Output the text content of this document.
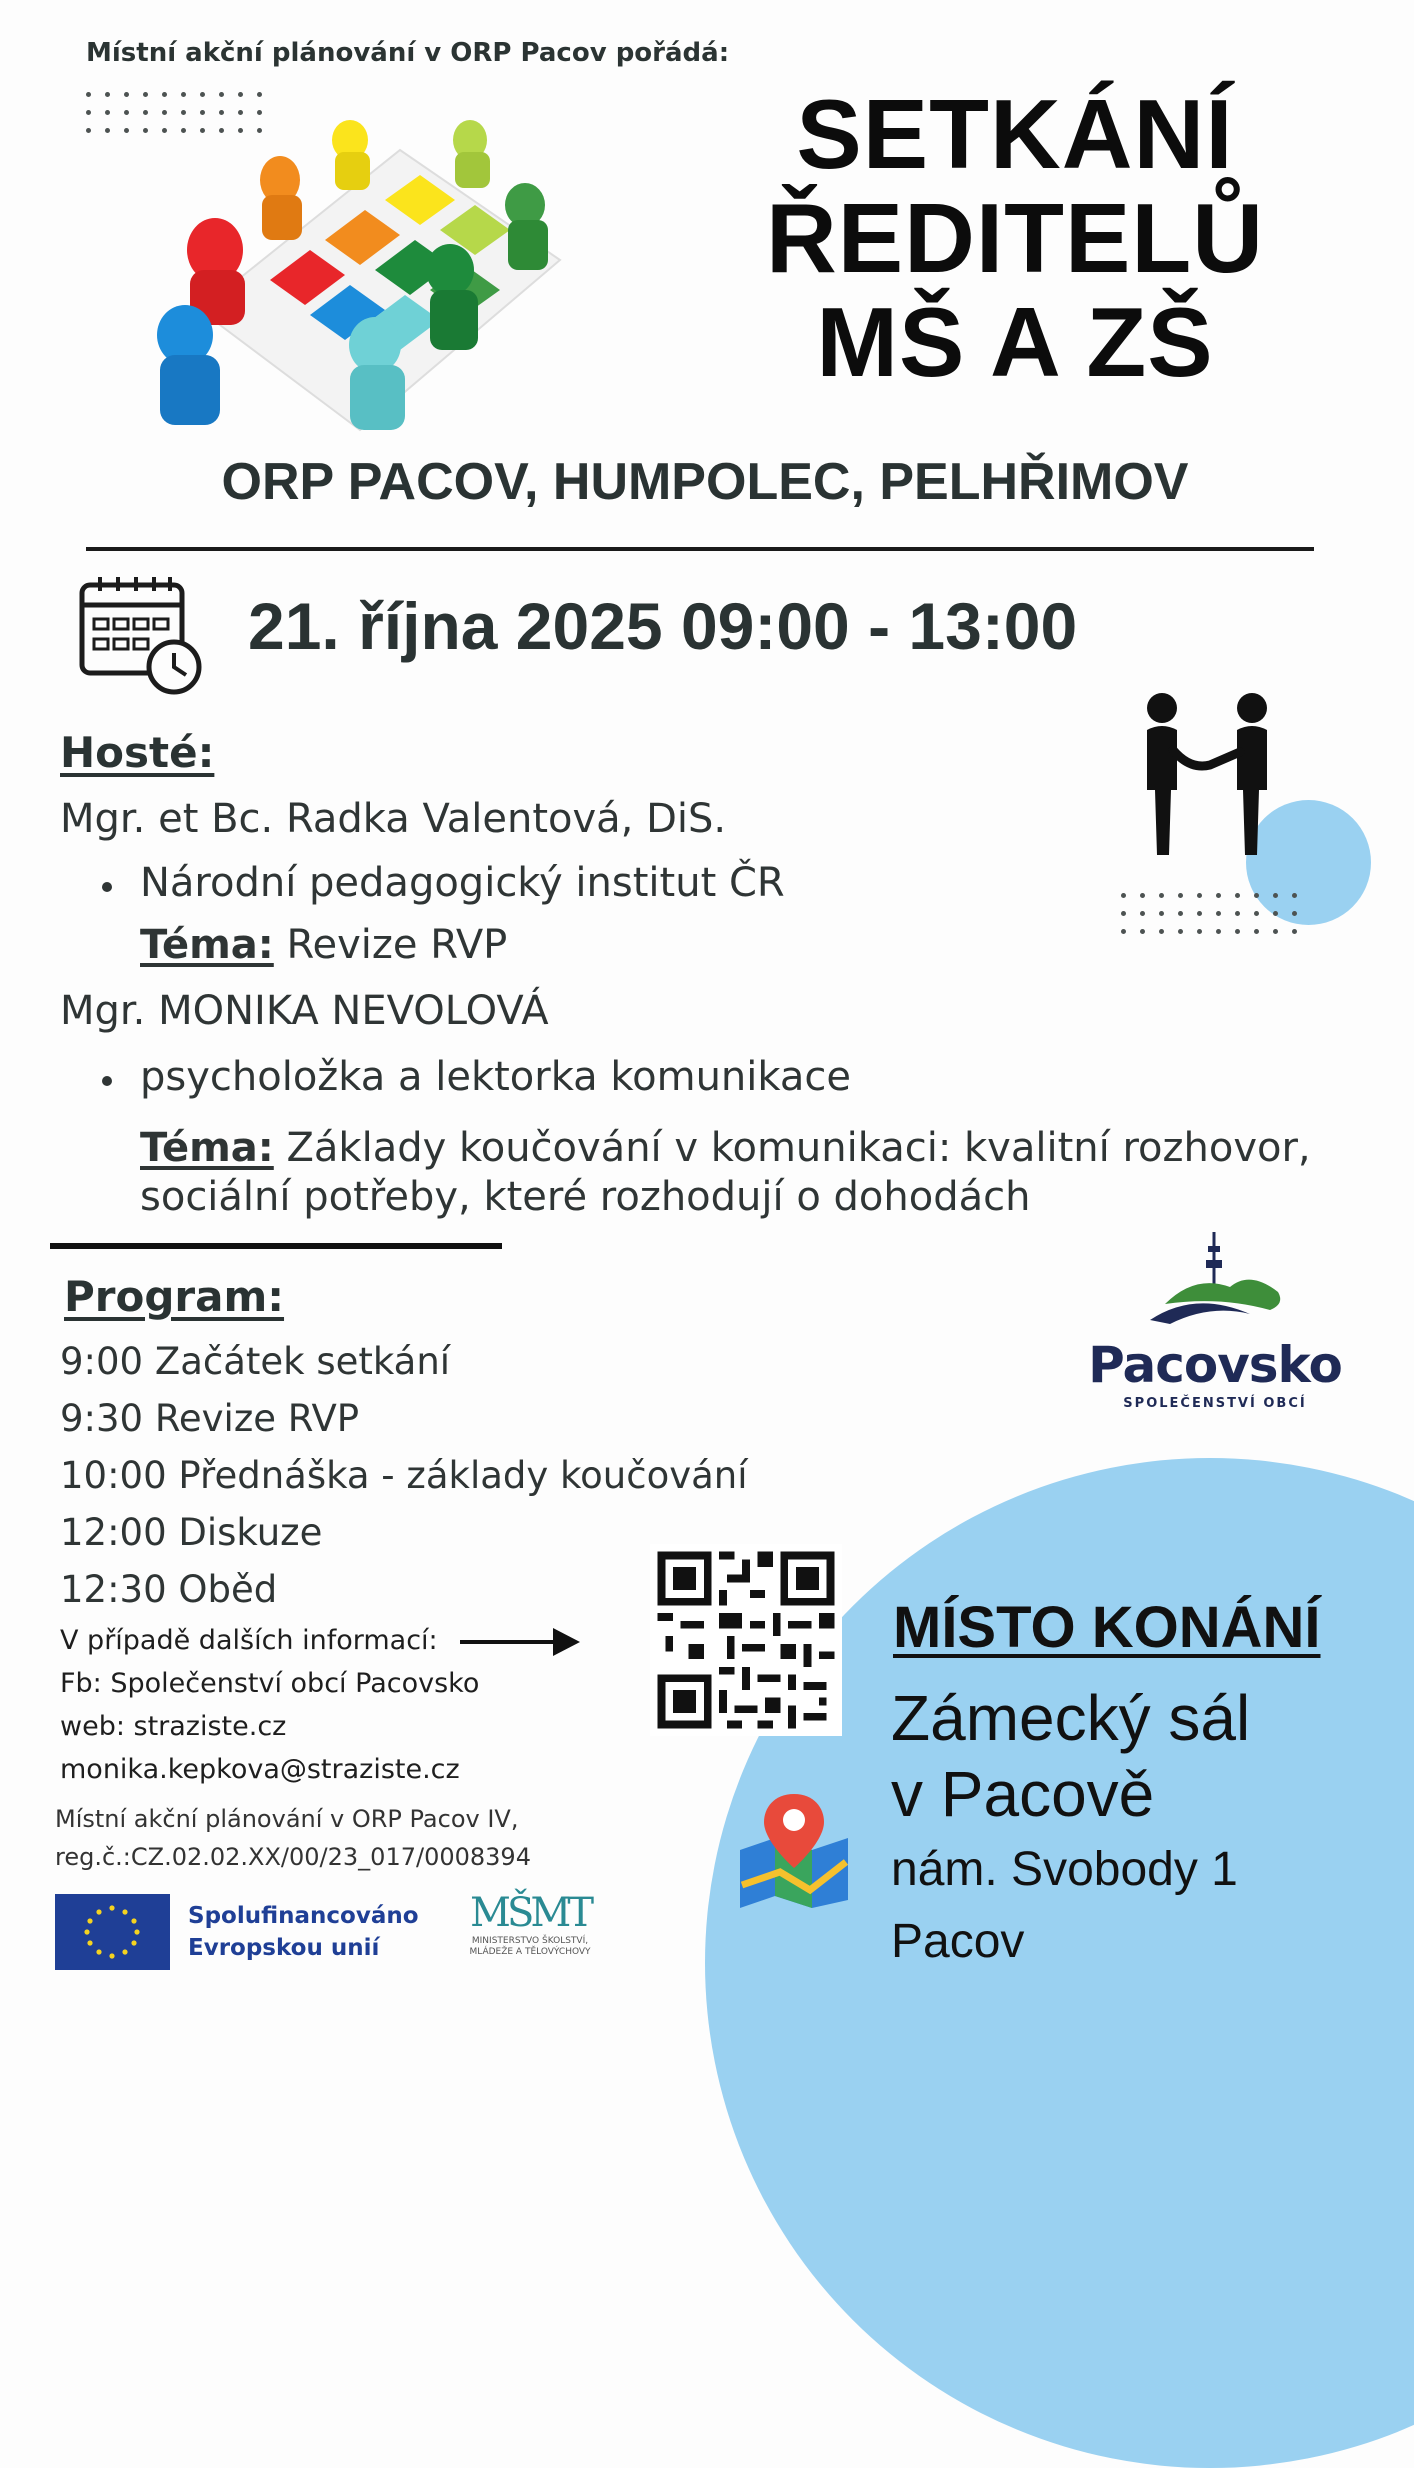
Místní akční plánování v ORP Pacov pořádá:
SETKÁNÍ
ŘEDITELŮ
MŠ A ZŠ
ORP PACOV, HUMPOLEC, PELHŘIMOV
21. října 2025 09:00 - 13:00
Hosté:
Mgr. et Bc. Radka Valentová, DiS.
Národní pedagogický institut ČR
Téma: Revize RVP
Mgr. MONIKA NEVOLOVÁ
psycholožka a lektorka komunikace
Téma: Základy koučování v komunikaci: kvalitní rozhovor,
sociální potřeby, které rozhodují o dohodách
Pacovsko
SPOLEČENSTVÍ OBCÍ
Program:
9:00 Začátek setkání
9:30 Revize RVP
10:00 Přednáška - základy koučování
12:00 Diskuze
12:30 Oběd
V případě dalších informací:
Fb: Společenství obcí Pacovsko
web: straziste.cz
monika.kepkova@straziste.cz
Místní akční plánování v ORP Pacov IV,
reg.č.:CZ.02.02.XX/00/23_017/0008394
MÍSTO KONÁNÍ
Zámecký sál
v Pacově
nám. Svobody 1
Pacov
Spolufinancováno
Evropskou unií
MŠMT
MINISTERSTVO ŠKOLSTVÍ,
MLÁDEŽE A TĚLOVÝCHOVY
